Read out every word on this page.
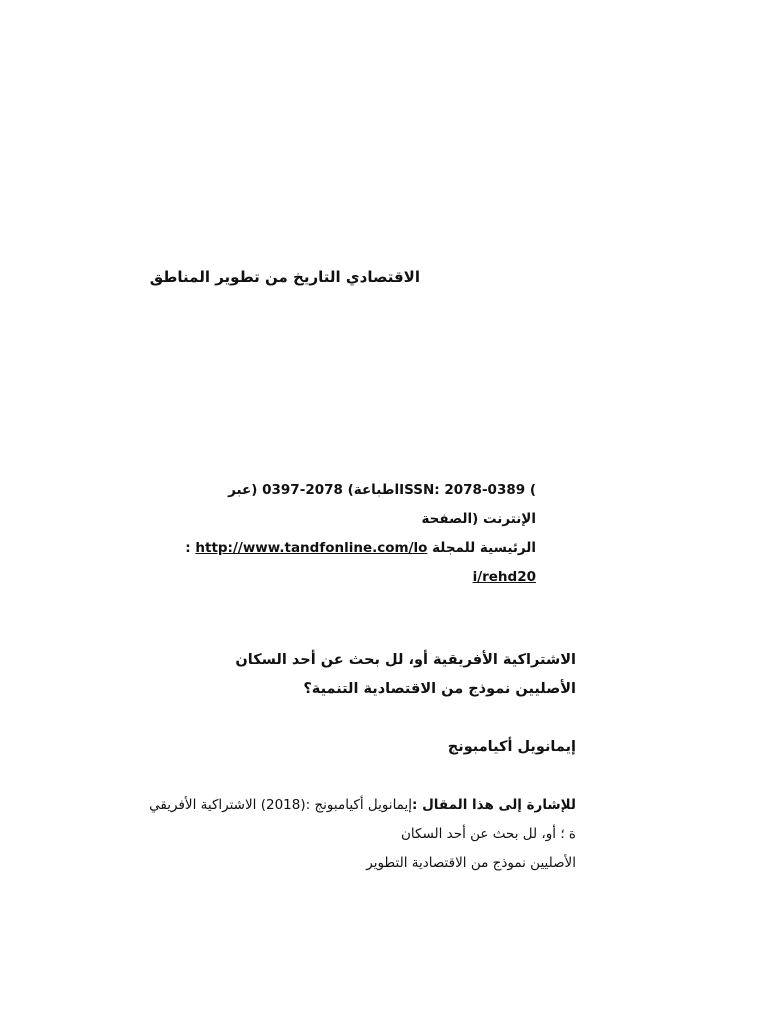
الاقتصادي التاريخ من تطوير المناطق
) 2078-0389 :ISSNاطباعة) 2078-0397 (عبر
الإنترنت (الصفحة
الرئيسية للمجلة http://www.tandfonline.com/lo :
i/rehd20
الاشتراكية الأفريقية أو، لل بحث عن أحد السكان
الأصليين نموذج من الاقتصادية التنمية؟
إيمانويل أكيامبونج
للإشارة إلى هذا المقال :إيمانويل أكيامبونج :(2018) الاشتراكية الأفريقي
ة ؛ أو، لل بحث عن أحد السكان
الأصليين نموذج من الاقتصادية التطوير
